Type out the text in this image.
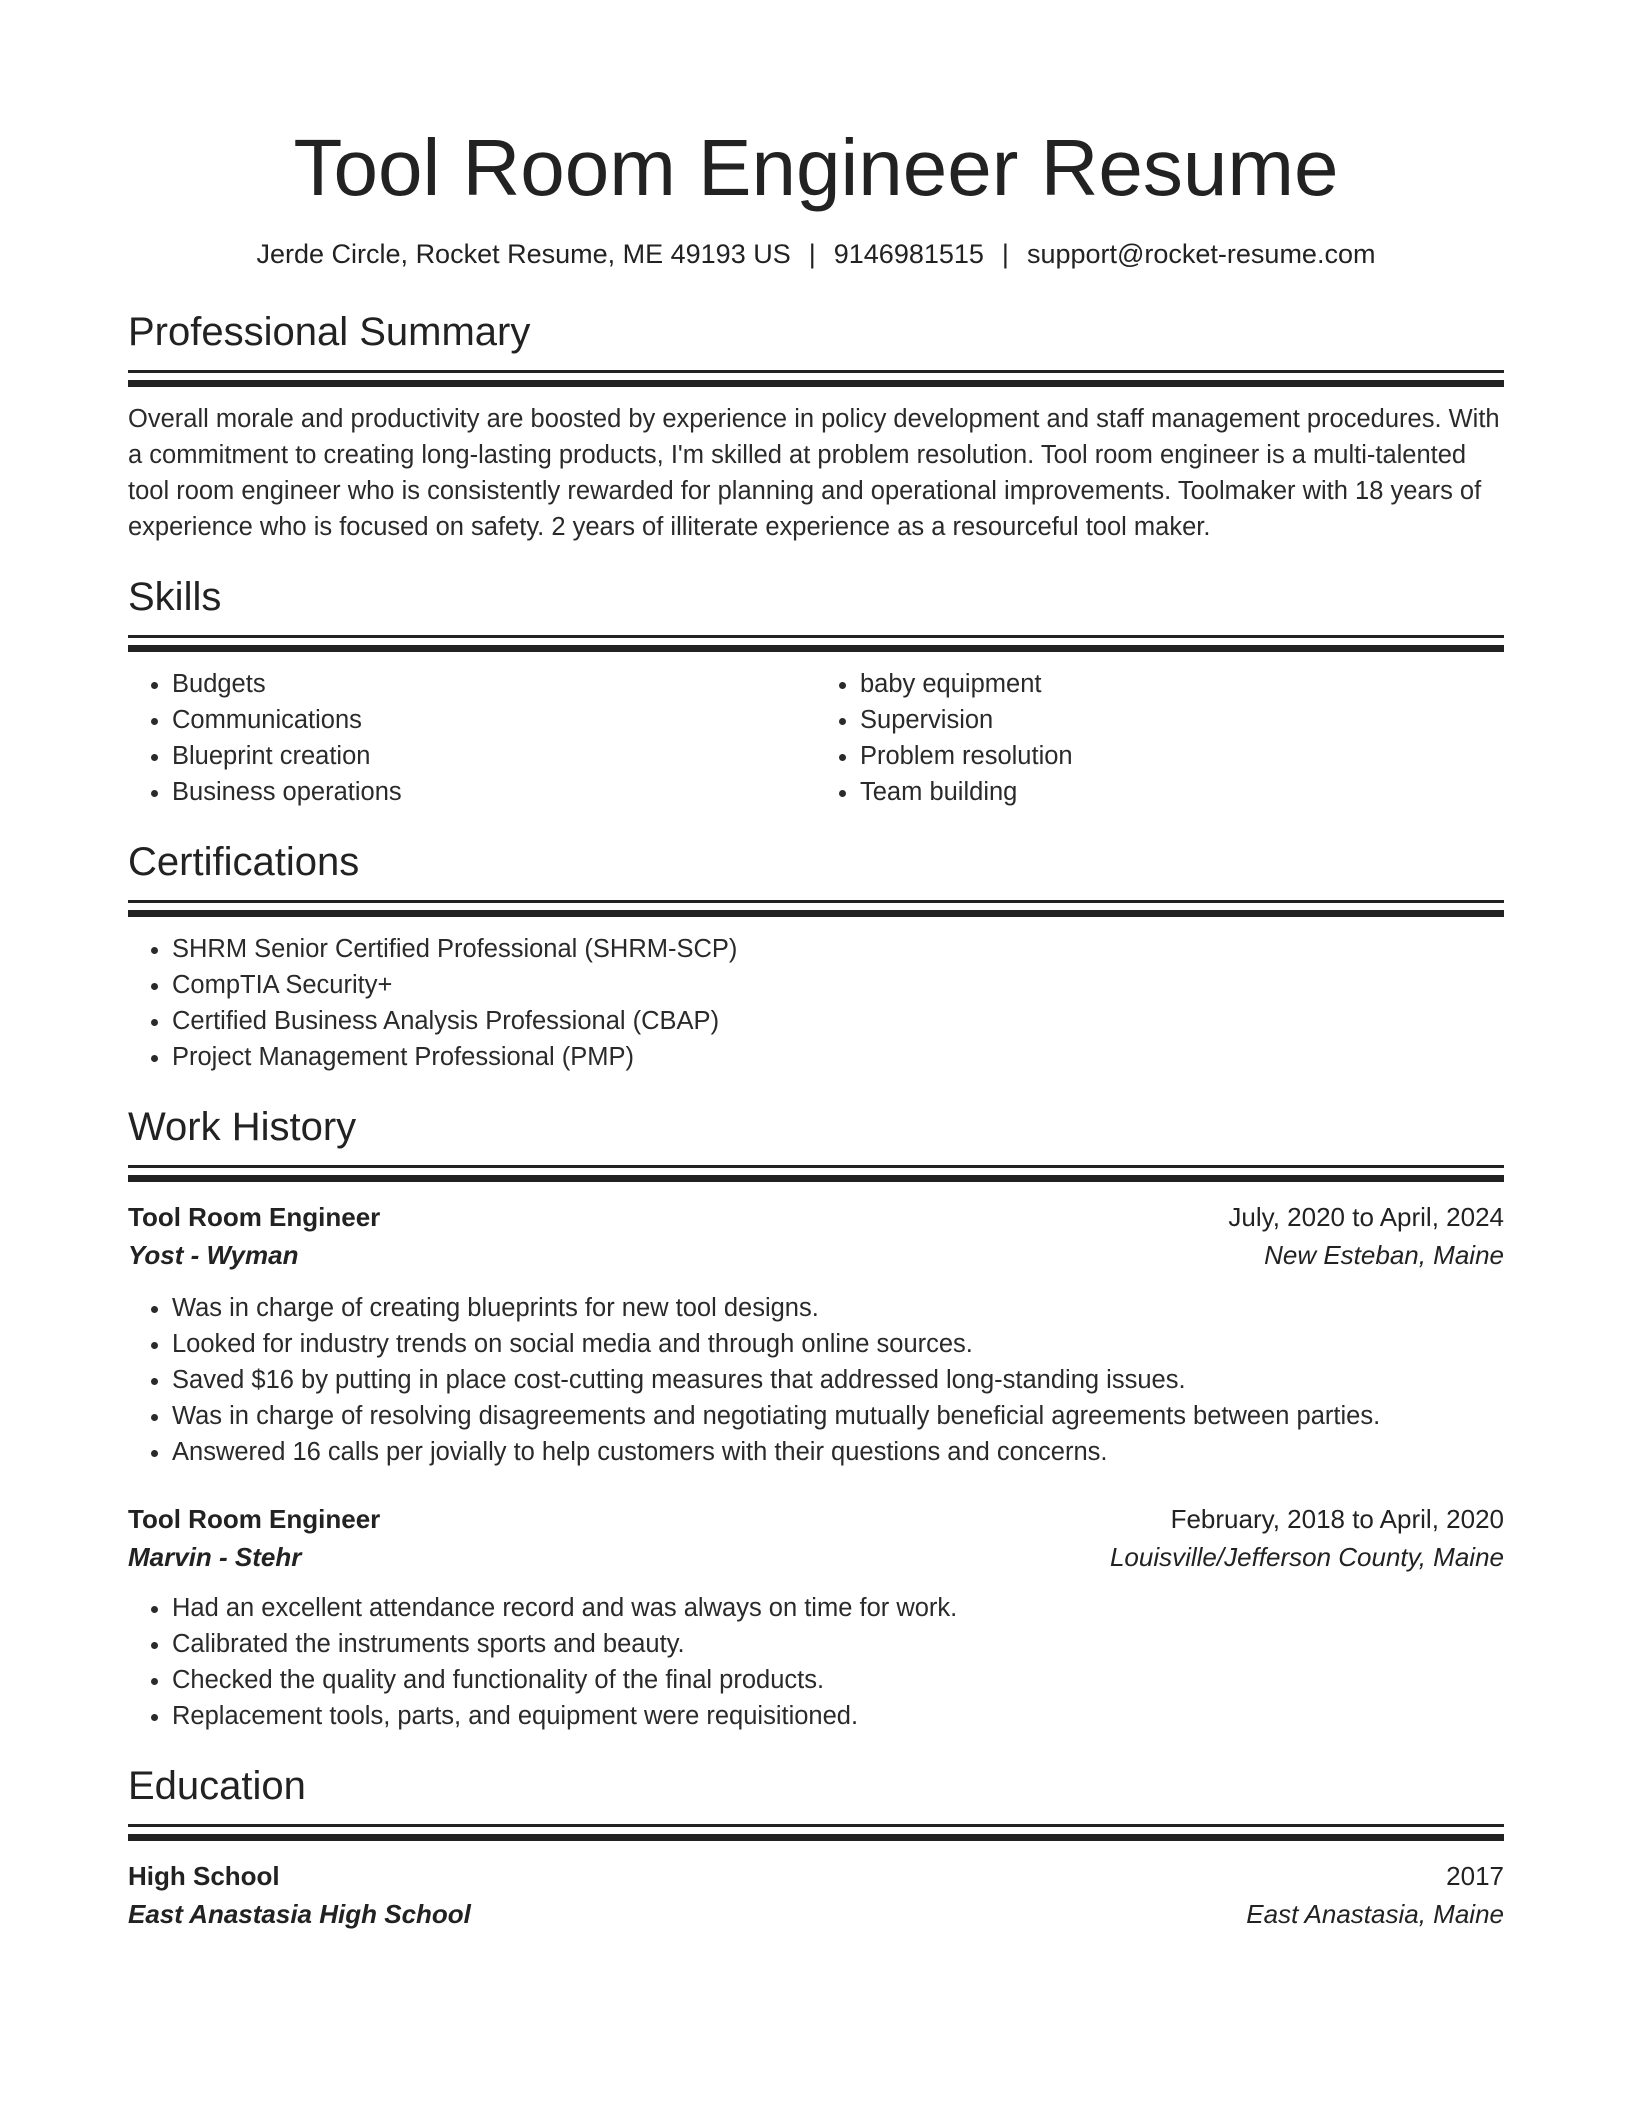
Tool Room Engineer Resume
Jerde Circle, Rocket Resume, ME 49193 US | 9146981515 | support@rocket-resume.com
Professional Summary
Overall morale and productivity are boosted by experience in policy development and staff management procedures. With a commitment to creating long-lasting products, I'm skilled at problem resolution. Tool room engineer is a multi-talented tool room engineer who is consistently rewarded for planning and operational improvements. Toolmaker with 18 years of experience who is focused on safety. 2 years of illiterate experience as a resourceful tool maker.
Skills
• Budgets
• Communications
• Blueprint creation
• Business operations
• baby equipment
• Supervision
• Problem resolution
• Team building
Certifications
• SHRM Senior Certified Professional (SHRM-SCP)
• CompTIA Security+
• Certified Business Analysis Professional (CBAP)
• Project Management Professional (PMP)
Work History
Tool Room Engineer	July, 2020 to April, 2024
Yost - Wyman	New Esteban, Maine
• Was in charge of creating blueprints for new tool designs.
• Looked for industry trends on social media and through online sources.
• Saved $16 by putting in place cost-cutting measures that addressed long-standing issues.
• Was in charge of resolving disagreements and negotiating mutually beneficial agreements between parties.
• Answered 16 calls per jovially to help customers with their questions and concerns.
Tool Room Engineer	February, 2018 to April, 2020
Marvin - Stehr	Louisville/Jefferson County, Maine
• Had an excellent attendance record and was always on time for work.
• Calibrated the instruments sports and beauty.
• Checked the quality and functionality of the final products.
• Replacement tools, parts, and equipment were requisitioned.
Education
High School	2017
East Anastasia High School	East Anastasia, Maine
